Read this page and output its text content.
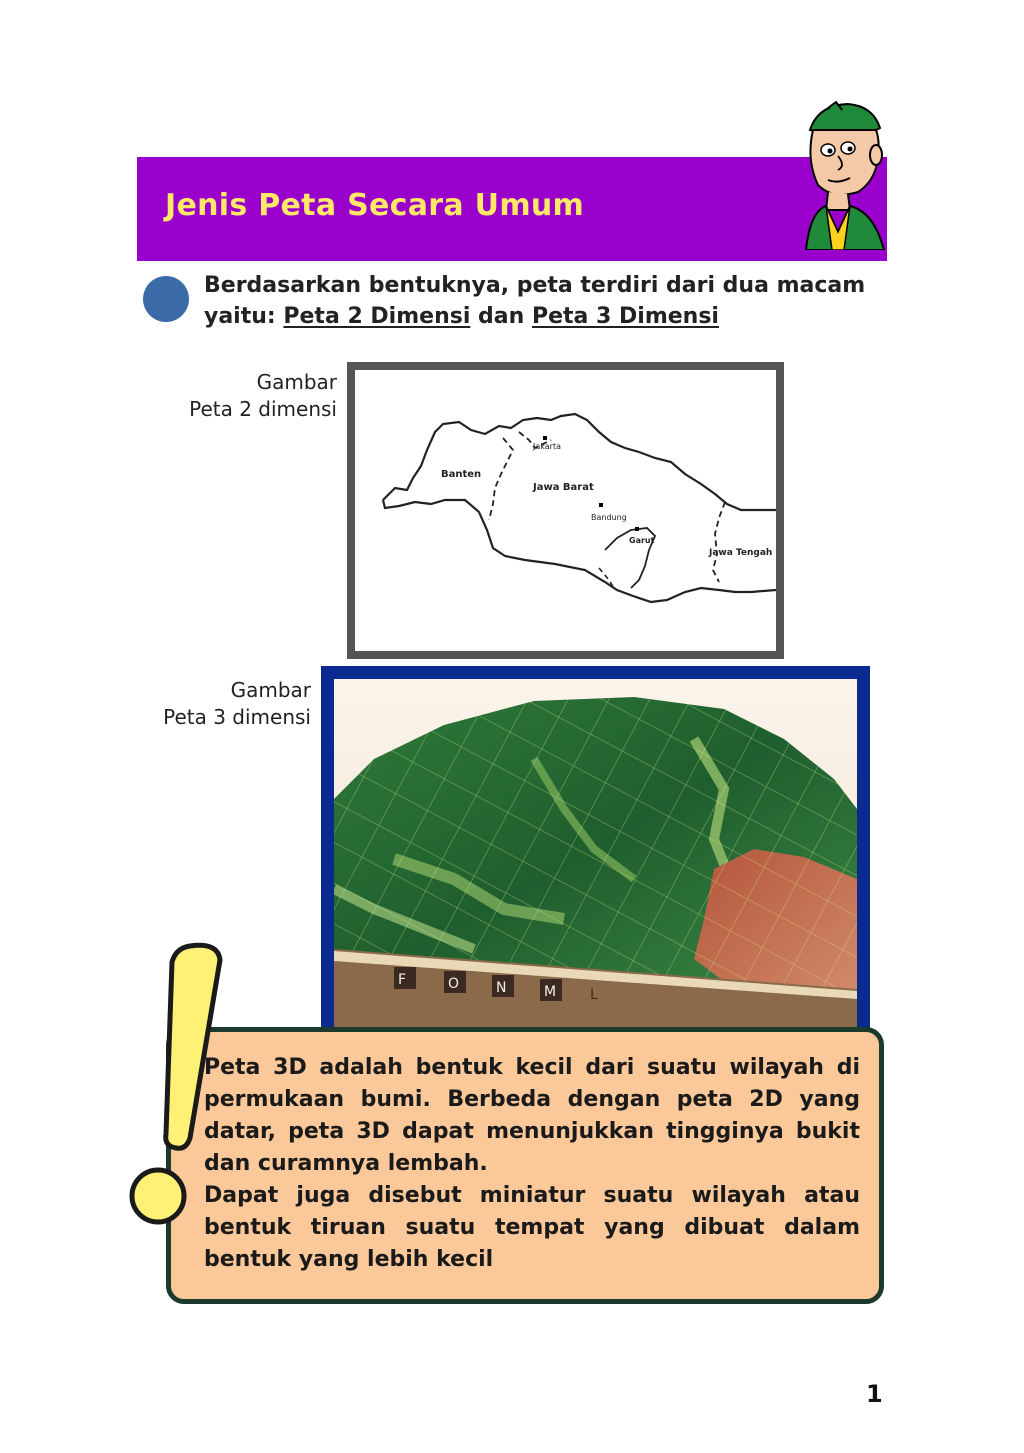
Jenis Peta Secara Umum
Berdasarkan bentuknya, peta terdiri dari dua macam
yaitu: Peta 2 Dimensi dan Peta 3 Dimensi
Gambar
Peta 2 dimensi
Jakarta
Banten
Jawa Barat
Bandung
Garut
Jawa Tengah
Gambar
Peta 3 dimensi
F	O	N	M L

Peta 3D adalah bentuk kecil dari suatu wilayah di permukaan bumi. Berbeda dengan peta 2D yang datar, peta 3D dapat menunjukkan tingginya bukit dan curamnya lembah.

Dapat juga disebut miniatur suatu wilayah atau bentuk tiruan suatu tempat yang dibuat dalam bentuk yang lebih kecil

1
